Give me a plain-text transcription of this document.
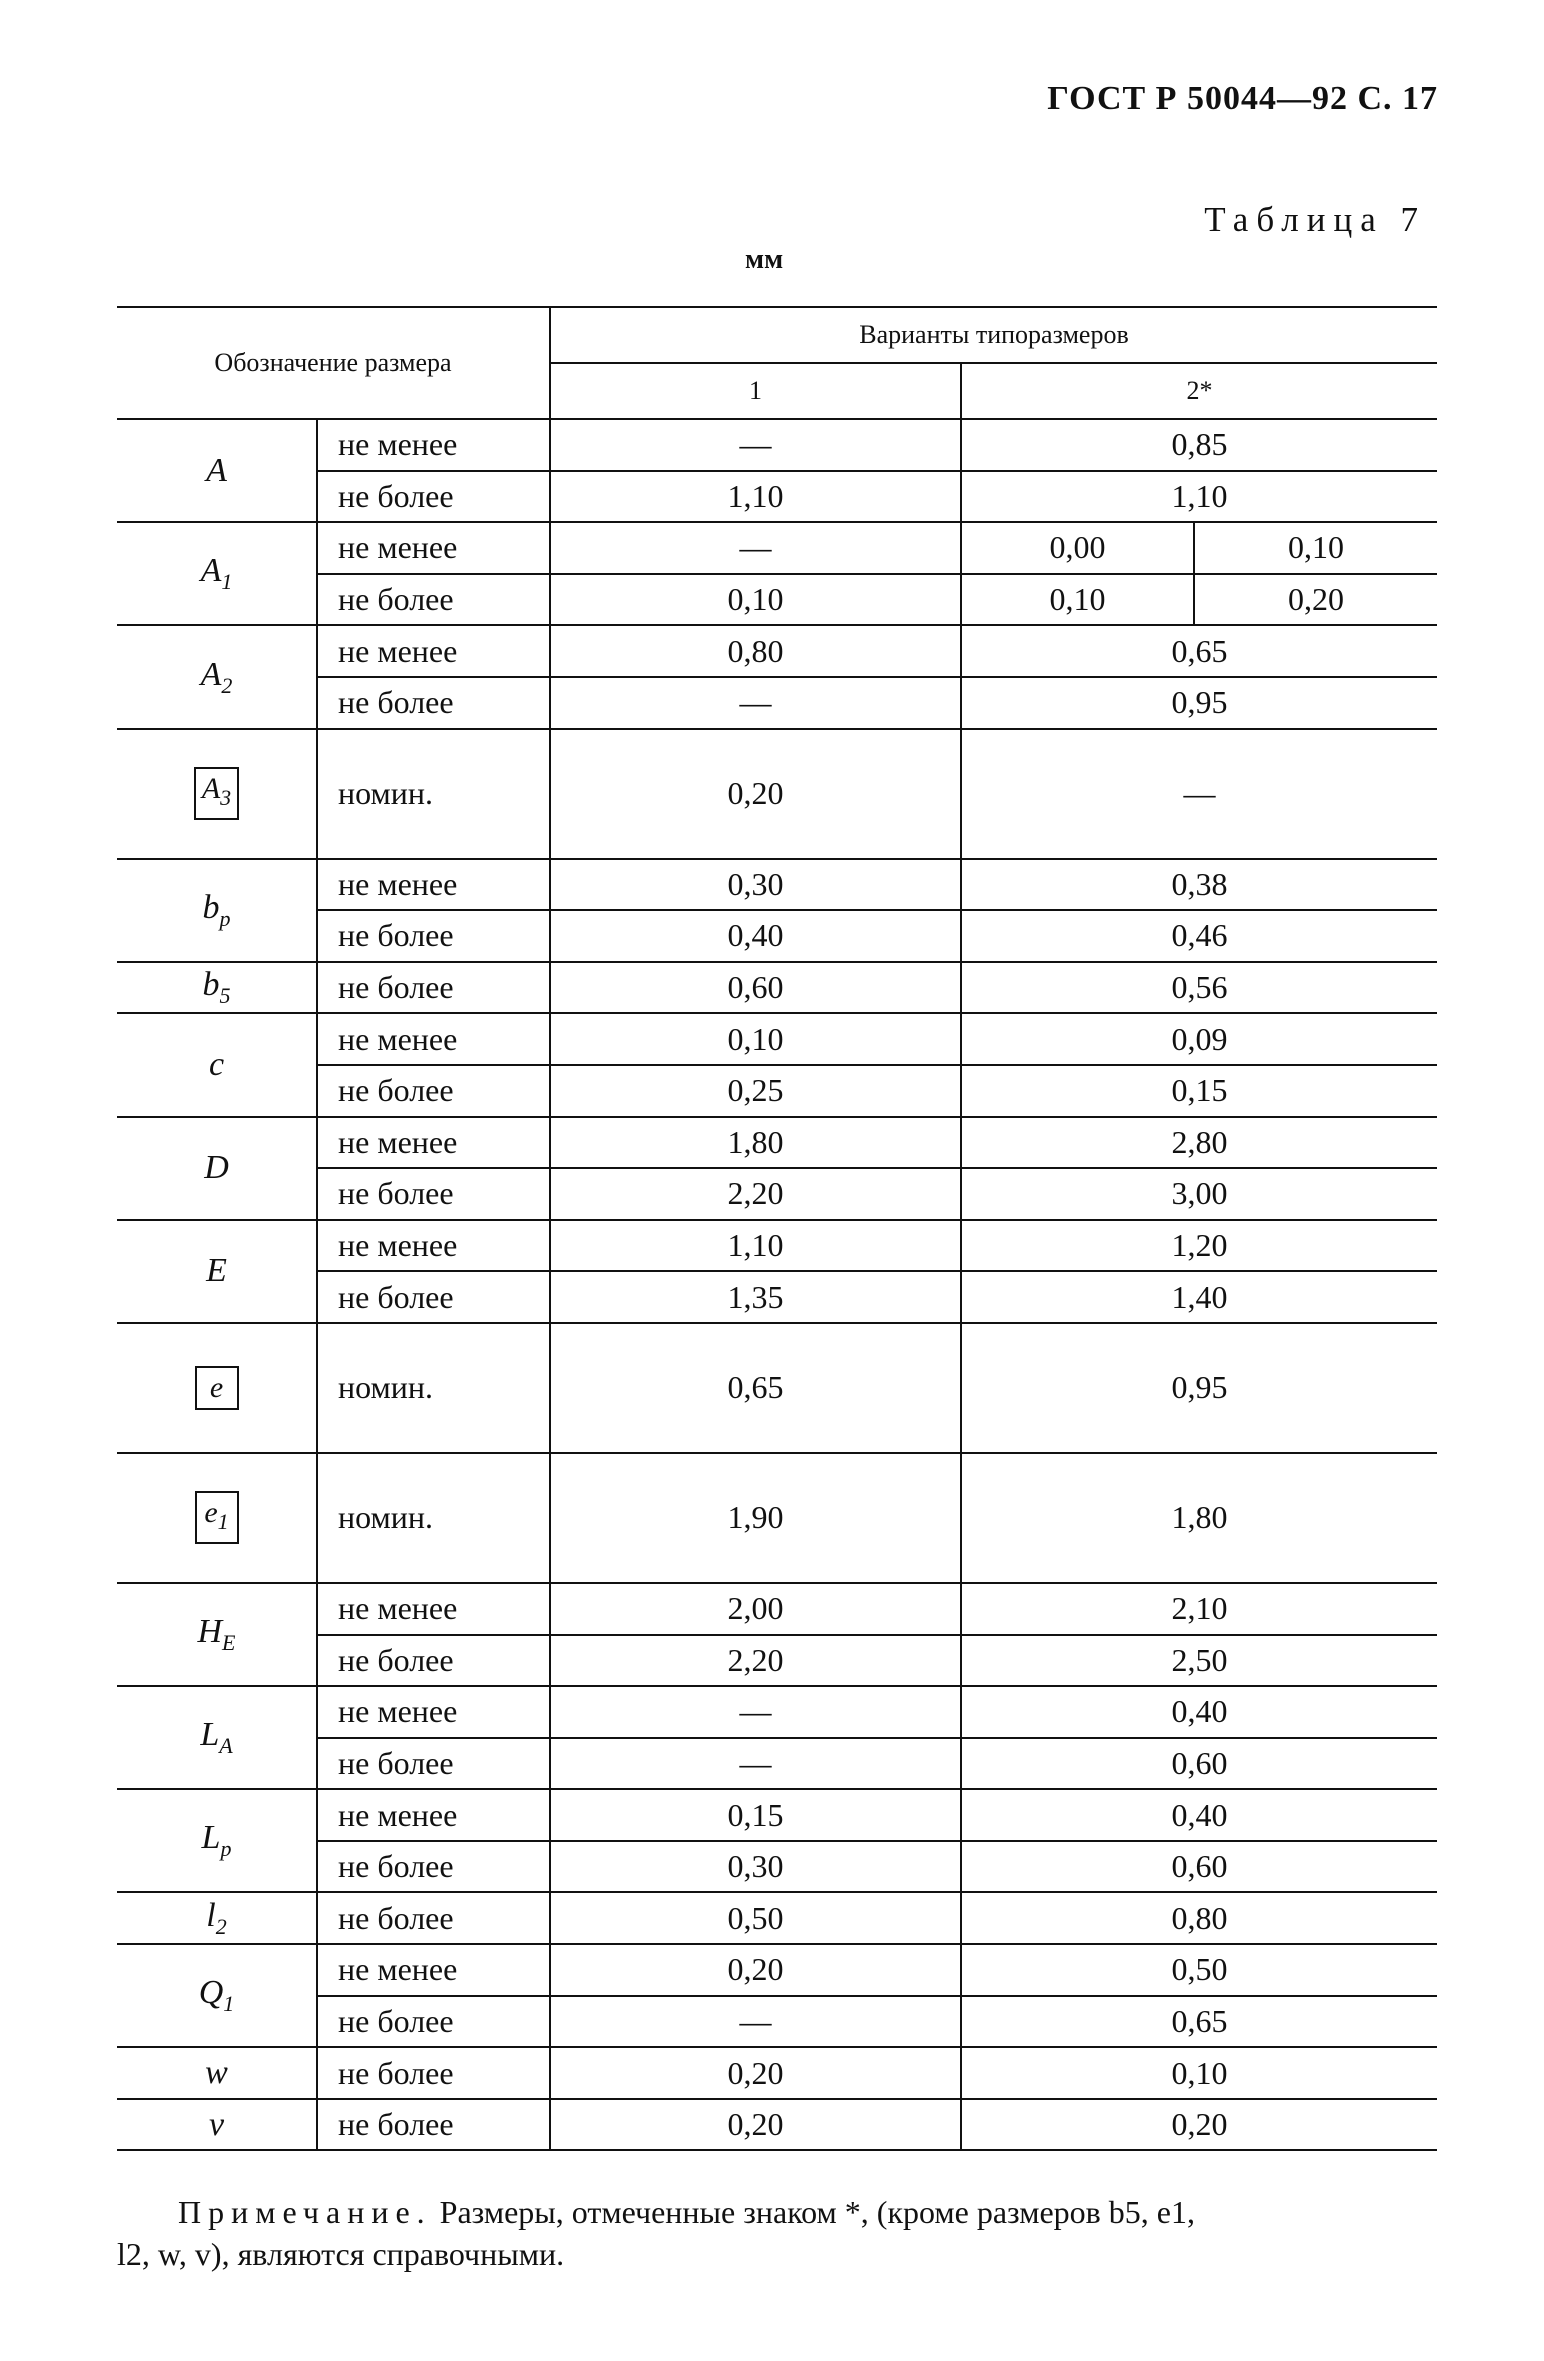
ГОСТ Р 50044—92 С. 17
Таблица 7
мм
Обозначение размера		Варианты типоразмеров		
		1	2*	
A	не менее	—	0,85	
	не более	1,10	1,10	
$A_1$	не менее	—	0,00	0,10
	не более	0,10	0,10	0,20
$A_2$	не менее	0,80	0,65	
	не более	—	0,95	
$A_3$	номин.	0,20	—	
$b_p$	не менее	0,30	0,38	
	не более	0,40	0,46	
$b_5$	не более	0,60	0,56	
c	не менее	0,10	0,09	
	не более	0,25	0,15	
D	не менее	1,80	2,80	
	не более	2,20	3,00	
E	не менее	1,10	1,20	
	не более	1,35	1,40	
e	номин.	0,65	0,95	
$e_1$	номин.	1,90	1,80	
$H_E$	не менее	2,00	2,10	
	не более	2,20	2,50	
$L_A$	не менее	—	0,40	
	не более	—	0,60	
$L_p$	не менее	0,15	0,40	
	не более	0,30	0,60	
$l_2$	не более	0,50	0,80	
$Q_1$	не менее	0,20	0,50	
	не более	—	0,65	
w	не более	0,20	0,10	
v	не более	0,20	0,20	
Примечание. Размеры, отмеченные знаком *, (кроме размеров b5, e1,
l2, w, v), являются справочными.
